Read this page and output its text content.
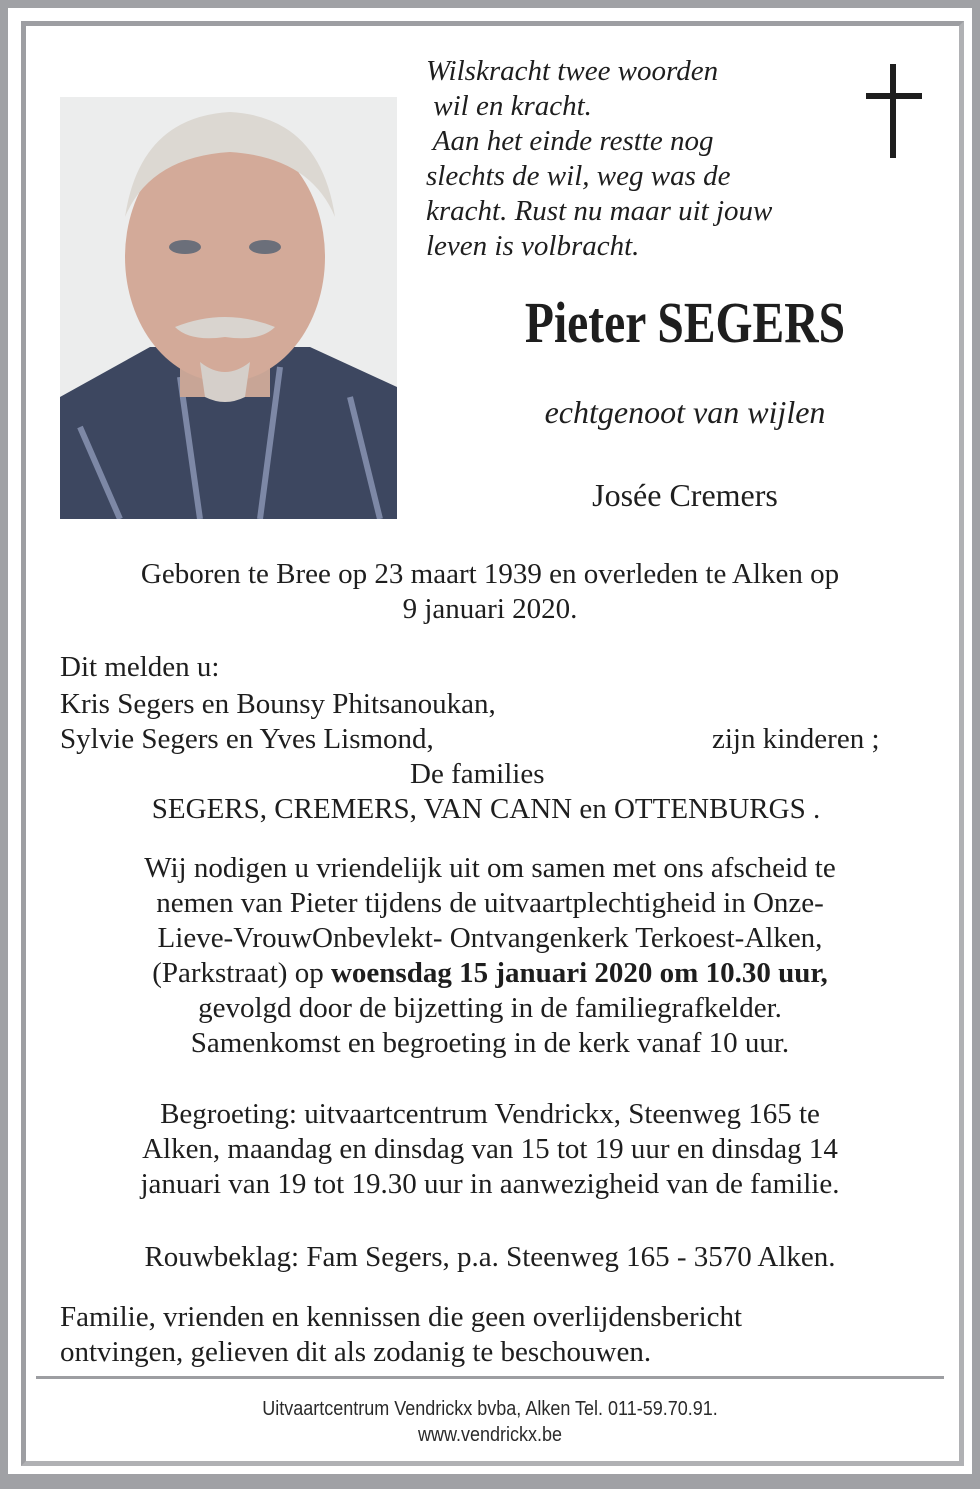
Wilskracht twee woorden
wil en kracht.
Aan het einde restte nog
slechts de wil, weg was de
kracht. Rust nu maar uit jouw
leven is volbracht.
Pieter SEGERS
echtgenoot van wijlen
Josée Cremers
Geboren te Bree op 23 maart 1939 en overleden te Alken op
9 januari 2020.
Dit melden u:
Kris Segers en Bounsy Phitsanoukan,
Sylvie Segers en Yves Lismond,	zijn kinderen ;
De families
SEGERS, CREMERS, VAN CANN en OTTENBURGS .
Wij nodigen u vriendelijk uit om samen met ons afscheid te
nemen van Pieter tijdens de uitvaartplechtigheid in Onze-
Lieve-VrouwOnbevlekt- Ontvangenkerk Terkoest-Alken,
(Parkstraat) op woensdag 15 januari 2020 om 10.30 uur,
gevolgd door de bijzetting in de familiegrafkelder.
Samenkomst en begroeting in de kerk vanaf 10 uur.
Begroeting: uitvaartcentrum Vendrickx, Steenweg 165 te
Alken, maandag en dinsdag van 15 tot 19 uur en dinsdag 14
januari van 19 tot 19.30 uur in aanwezigheid van de familie.
Rouwbeklag: Fam Segers, p.a. Steenweg 165 - 3570 Alken.
Familie, vrienden en kennissen die geen overlijdensbericht
ontvingen, gelieven dit als zodanig te beschouwen.
Uitvaartcentrum Vendrickx bvba, Alken Tel. 011-59.70.91.
www.vendrickx.be
